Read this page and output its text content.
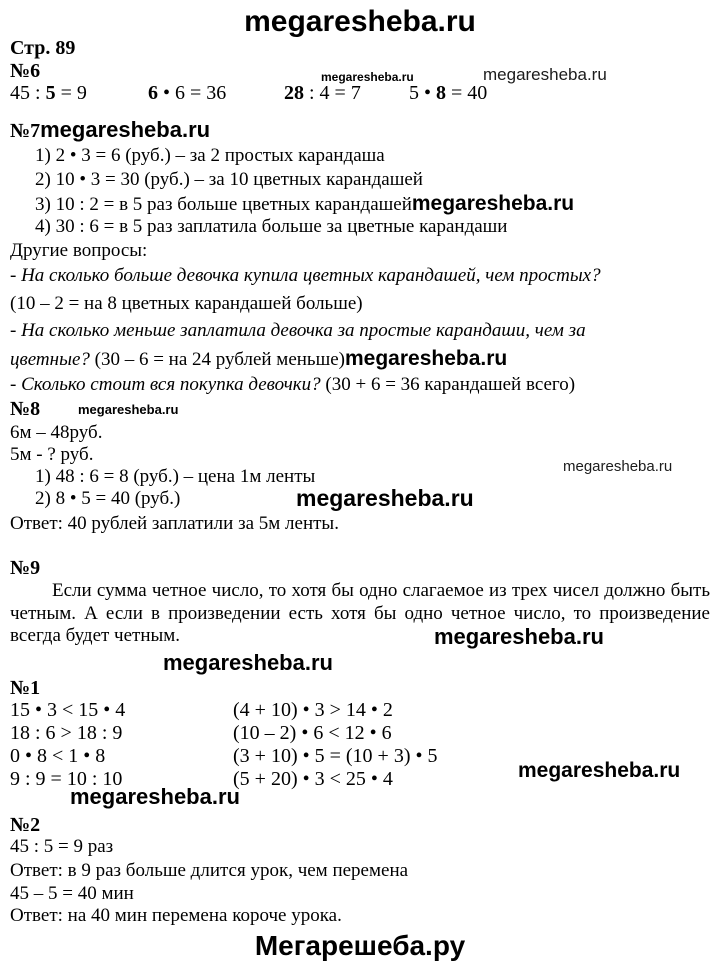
megaresheba.ru
Стр. 89
№6
45 : 5 = 9	6 • 6 = 36	28 : 4 = 7 5 • 8 = 40
megaresheba.ru	megaresheba.ru
№7megaresheba.ru
1) 2 • 3 = 6 (руб.) – за 2 простых карандаша
2) 10 • 3 = 30 (руб.) – за 10 цветных карандашей
3) 10 : 2 = в 5 раз больше цветных карандашейmegaresheba.ru
4) 30 : 6 = в 5 раз заплатила больше за цветные карандаши
Другие вопросы:
- На сколько больше девочка купила цветных карандашей, чем простых?
(10 – 2 = на 8 цветных карандашей больше)
- На сколько меньше заплатила девочка за простые карандаши, чем за
цветные? (30 – 6 = на 24 рублей меньше)megaresheba.ru
- Сколько стоит вся покупка девочки? (30 + 6 = 36 карандашей всего)
№8	megaresheba.ru
6м – 48руб.
5м - ? руб.
1) 48 : 6 = 8 (руб.) – цена 1м ленты	megaresheba.ru
2) 8 • 5 = 40 (руб.)	megaresheba.ru
Ответ: 40 рублей заплатили за 5м ленты.
№9
Если сумма четное число, то хотя бы одно слагаемое из трех чисел должно быть четным. А если в произведении есть хотя бы одно четное число, то произведение всегда будет четным.	megaresheba.ru
megaresheba.ru
№1
15 • 3 < 15 • 4	(4 + 10) • 3 > 14 • 2
18 : 6 > 18 : 9	(10 – 2) • 6 < 12 • 6
0 • 8 < 1 • 8	(3 + 10) • 5 = (10 + 3) • 5
9 : 9 = 10 : 10	(5 + 20) • 3 < 25 • 4	megaresheba.ru
megaresheba.ru
№2
45 : 5 = 9 раз
Ответ: в 9 раз больше длится урок, чем перемена
45 – 5 = 40 мин
Ответ: на 40 мин перемена короче урока.
Мегарешеба.ру
